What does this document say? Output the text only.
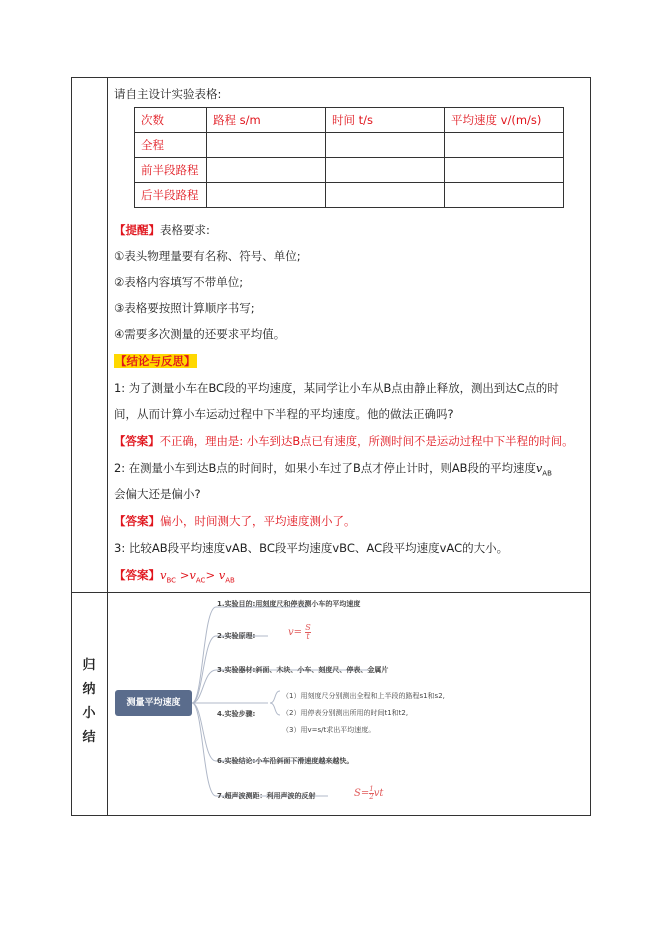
请自主设计实验表格:
次数	路程 s/m	时间 t/s	平均速度 v/(m/s)
全程			
前半段路程			
后半段路程			
【提醒】表格要求:
①表头物理量要有名称、符号、单位;
②表格内容填写不带单位;
③表格要按照计算顺序书写;
④需要多次测量的还要求平均值。
【结论与反思】
1: 为了测量小车在BC段的平均速度，某同学让小车从B点由静止释放，测出到达C点的时
间，从而计算小车运动过程中下半程的平均速度。他的做法正确吗?
【答案】不正确，理由是: 小车到达B点已有速度，所测时间不是运动过程中下半程的时间。
2: 在测量小车到达B点的时间时，如果小车过了B点才停止计时，则AB段的平均速度$v_{AB}$
会偏大还是偏小?
【答案】偏小，时间测大了，平均速度测小了。
3: 比较AB段平均速度vAB、BC段平均速度vBC、AC段平均速度vAC的大小。
【答案】$v_{BC} >v_{AC}> v_{AB}$
归
纳
小
结
测量平均速度
1.实验目的:用刻度尺和停表测小车的平均速度
2.实验原理:	$v= \frac{S}{t}$
3.实验器材:斜面、木块、小车、刻度尺、停表、金属片
4.实验步骤:
（1）用刻度尺分别测出全程和上半段的路程s1和s2,
（2）用停表分别测出所用的时间t1和t2,
（3）用v=s/t求出平均速度。
6.实验结论:小车沿斜面下滑速度越来越快。
7.超声波测距：利用声波的反射	$S= \frac{1}{2}$ vt
